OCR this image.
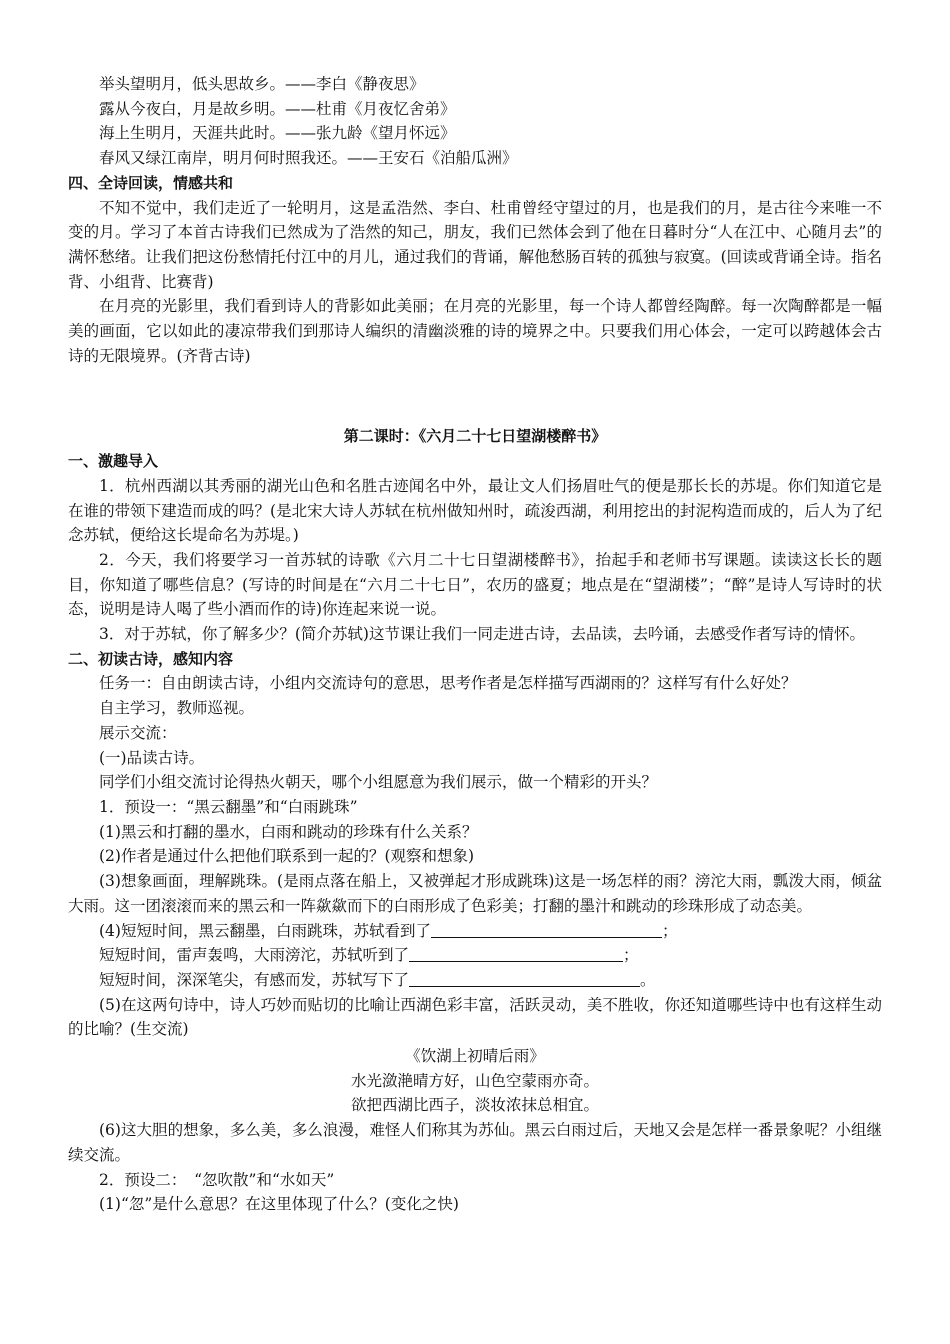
举头望明月，低头思故乡。——李白《静夜思》
露从今夜白，月是故乡明。——杜甫《月夜忆舍弟》
海上生明月，天涯共此时。——张九龄《望月怀远》
春风又绿江南岸，明月何时照我还。——王安石《泊船瓜洲》
四、全诗回读，情感共和
不知不觉中，我们走近了一轮明月，这是孟浩然、李白、杜甫曾经守望过的月，也是我们的月，是古往今来唯一不变的月。学习了本首古诗我们已然成为了浩然的知己，朋友，我们已然体会到了他在日暮时分“人在江中、心随月去”的满怀愁绪。让我们把这份愁情托付江中的月儿，通过我们的背诵，解他愁肠百转的孤独与寂寞。(回读或背诵全诗。指名背、小组背、比赛背)
在月亮的光影里，我们看到诗人的背影如此美丽；在月亮的光影里，每一个诗人都曾经陶醉。每一次陶醉都是一幅美的画面，它以如此的凄凉带我们到那诗人编织的清幽淡雅的诗的境界之中。只要我们用心体会，一定可以跨越体会古诗的无限境界。(齐背古诗)
第二课时：《六月二十七日望湖楼醉书》
一、激趣导入
1．杭州西湖以其秀丽的湖光山色和名胜古迹闻名中外，最让文人们扬眉吐气的便是那长长的苏堤。你们知道它是在谁的带领下建造而成的吗？(是北宋大诗人苏轼在杭州做知州时，疏浚西湖，利用挖出的封泥构造而成的，后人为了纪念苏轼，便给这长堤命名为苏堤。)
2．今天，我们将要学习一首苏轼的诗歌《六月二十七日望湖楼醉书》，抬起手和老师书写课题。读读这长长的题目，你知道了哪些信息？(写诗的时间是在“六月二十七日”，农历的盛夏；地点是在“望湖楼”；“醉”是诗人写诗时的状态，说明是诗人喝了些小酒而作的诗)你连起来说一说。
3．对于苏轼，你了解多少？(简介苏轼)这节课让我们一同走进古诗，去品读，去吟诵，去感受作者写诗的情怀。
二、初读古诗，感知内容
任务一：自由朗读古诗，小组内交流诗句的意思，思考作者是怎样描写西湖雨的？这样写有什么好处？
自主学习，教师巡视。
展示交流：
(一)品读古诗。
同学们小组交流讨论得热火朝天，哪个小组愿意为我们展示，做一个精彩的开头？
1．预设一：“黑云翻墨”和“白雨跳珠”
(1)黑云和打翻的墨水，白雨和跳动的珍珠有什么关系？
(2)作者是通过什么把他们联系到一起的？(观察和想象)
(3)想象画面，理解跳珠。(是雨点落在船上，又被弹起才形成跳珠)这是一场怎样的雨？滂沱大雨，瓢泼大雨，倾盆大雨。这一团滚滚而来的黑云和一阵歘歘而下的白雨形成了色彩美；打翻的墨汁和跳动的珍珠形成了动态美。
(4)短短时间，黑云翻墨，白雨跳珠，苏轼看到了	；
短短时间，雷声轰鸣，大雨滂沱，苏轼听到了	；
短短时间，深深笔尖，有感而发，苏轼写下了	。
(5)在这两句诗中，诗人巧妙而贴切的比喻让西湖色彩丰富，活跃灵动，美不胜收，你还知道哪些诗中也有这样生动的比喻？(生交流)
《饮湖上初晴后雨》
水光潋滟晴方好，山色空蒙雨亦奇。
欲把西湖比西子，淡妆浓抹总相宜。
(6)这大胆的想象，多么美，多么浪漫，难怪人们称其为苏仙。黑云白雨过后，天地又会是怎样一番景象呢？小组继续交流。
2．预设二：　“忽吹散”和“水如天”
(1)“忽”是什么意思？在这里体现了什么？(变化之快)
